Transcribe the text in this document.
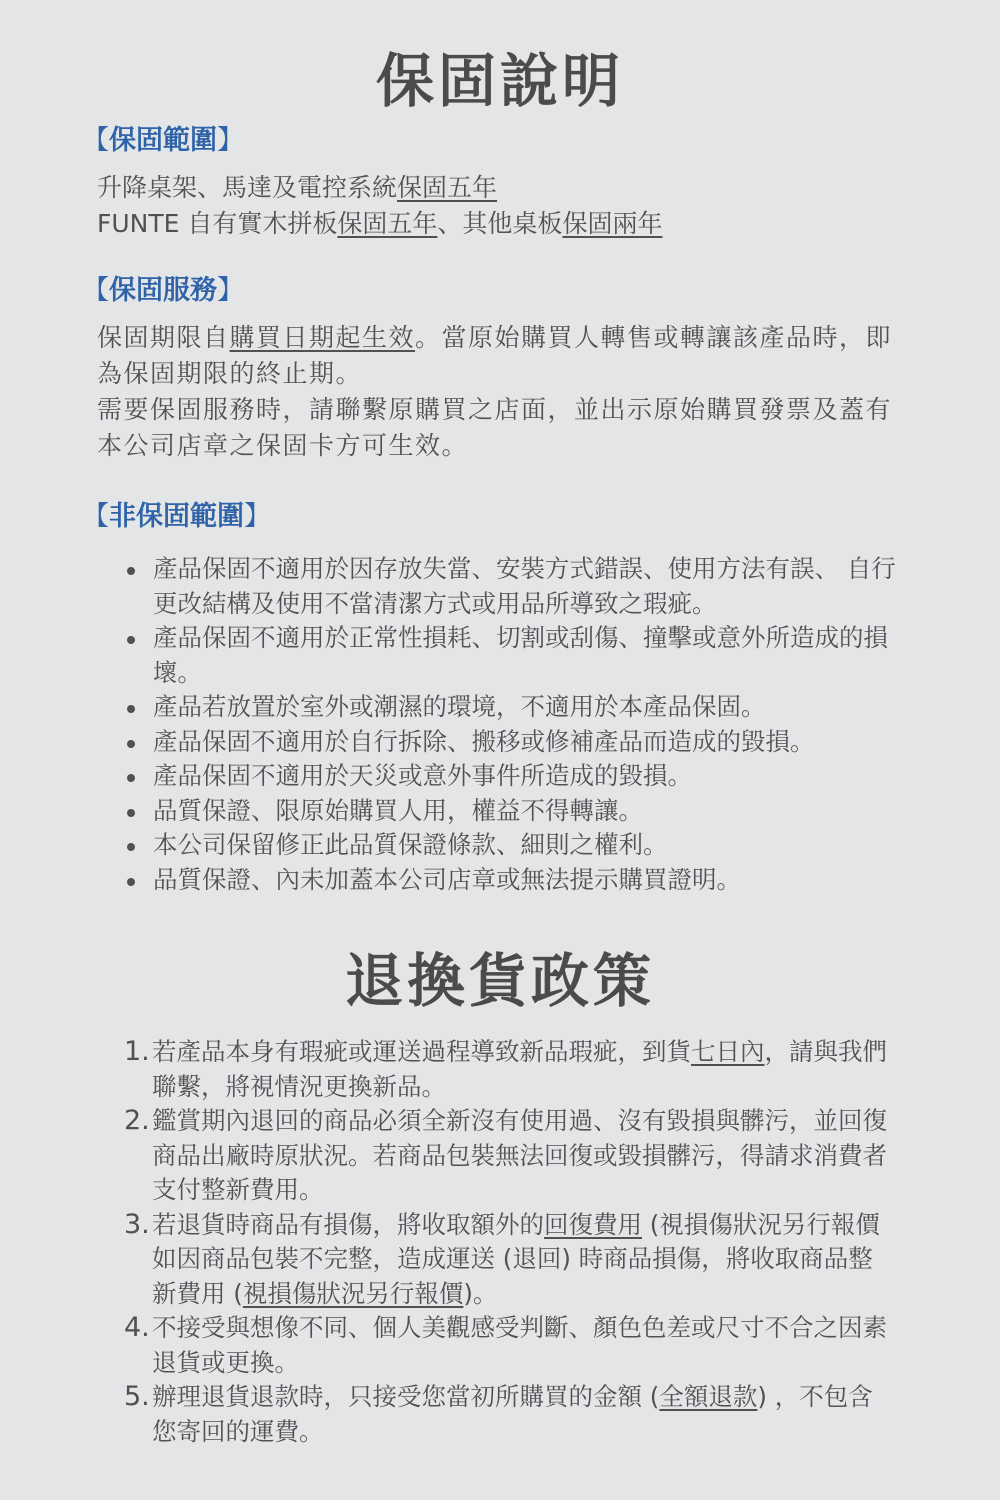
保固說明
【保固範圍】
升降桌架、馬達及電控系統保固五年
FUNTE 自有實木拼板保固五年、其他桌板保固兩年
【保固服務】
保固期限自購買日期起生效。當原始購買人轉售或轉讓該產品時，即為保固期限的終止期。
需要保固服務時，請聯繫原購買之店面，並出示原始購買發票及蓋有本公司店章之保固卡方可生效。
【非保固範圍】
產品保固不適用於因存放失當、安裝方式錯誤、使用方法有誤、 自行更改結構及使用不當清潔方式或用品所導致之瑕疵。
產品保固不適用於正常性損耗、切割或刮傷、撞擊或意外所造成的損壞。
產品若放置於室外或潮濕的環境，不適用於本產品保固。
產品保固不適用於自行拆除、搬移或修補產品而造成的毀損。
產品保固不適用於天災或意外事件所造成的毀損。
品質保證、限原始購買人用，權益不得轉讓。
本公司保留修正此品質保證條款、細則之權利。
品質保證、內未加蓋本公司店章或無法提示購買證明。
退換貨政策
1. 若產品本身有瑕疵或運送過程導致新品瑕疵，到貨七日內，請與我們聯繫，將視情況更換新品。
2. 鑑賞期內退回的商品必須全新沒有使用過、沒有毀損與髒污，並回復商品出廠時原狀況。若商品包裝無法回復或毀損髒污，得請求消費者支付整新費用。
3. 若退貨時商品有損傷，將收取額外的回復費用 (視損傷狀況另行報價如因商品包裝不完整，造成運送 (退回) 時商品損傷，將收取商品整新費用 (視損傷狀況另行報價)。
4. 不接受與想像不同、個人美觀感受判斷、顏色色差或尺寸不合之因素退貨或更換。
5. 辦理退貨退款時，只接受您當初所購買的金額 (全額退款) ，不包含您寄回的運費。
